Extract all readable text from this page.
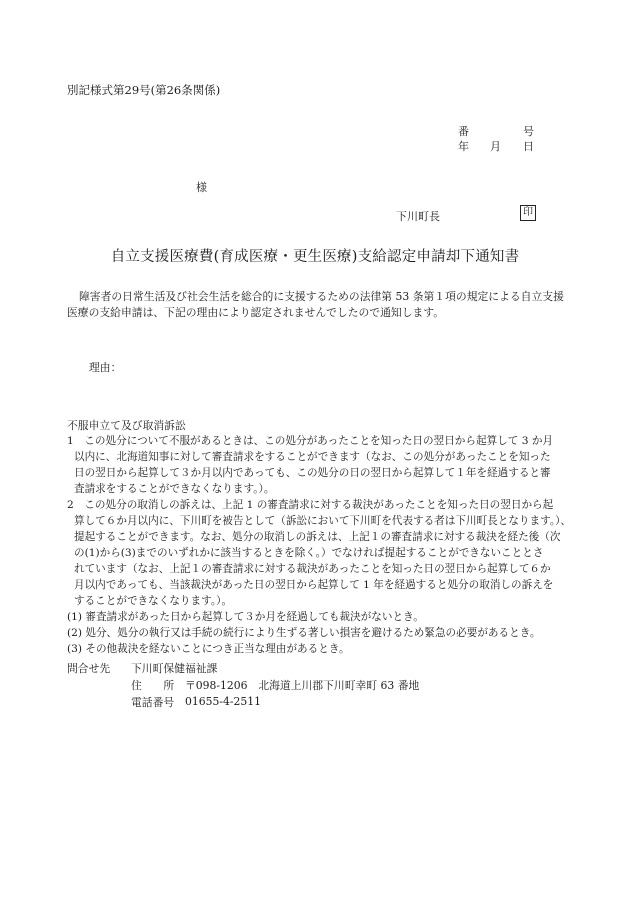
別記様式第29号(第26条関係)
番	号
年 月 日
様
下川町長	印
自立支援医療費(育成医療・更生医療)支給認定申請却下通知書
障害者の日常生活及び社会生活を総合的に支援するための法律第 53 条第１項の規定による自立支援医療の支給申請は、下記の理由により認定されませんでしたので通知します。
理由：
不服申立て及び取消訴訟
1　この処分について不服があるときは、この処分があったことを知った日の翌日から起算して 3 か月
以内に、北海道知事に対して審査請求をすることができます（なお、この処分があったことを知った
日の翌日から起算して３か月以内であっても、この処分の日の翌日から起算して１年を経過すると審
査請求をすることができなくなります。）。
2　この処分の取消しの訴えは、上記 1 の審査請求に対する裁決があったことを知った日の翌日から起
算して６か月以内に、下川町を被告として（訴訟において下川町を代表する者は下川町長となります。）、
提起することができます。なお、処分の取消しの訴えは、上記１の審査請求に対する裁決を経た後（次
の(1)から(3)までのいずれかに該当するときを除く。）でなければ提起することができないこととさ
れています（なお、上記１の審査請求に対する裁決があったことを知った日の翌日から起算して６か
月以内であっても、当該裁決があった日の翌日から起算して 1 年を経過すると処分の取消しの訴えを
することができなくなります。）。
(1) 審査請求があった日から起算して３か月を経過しても裁決がないとき。
(2) 処分、処分の執行又は手続の続行により生ずる著しい損害を避けるため緊急の必要があるとき。
(3) その他裁決を経ないことにつき正当な理由があるとき。
問合せ先 下川町保健福祉課
住　　所 〒098-1206　北海道上川郡下川町幸町 63 番地
電話番号 01655-4-2511
